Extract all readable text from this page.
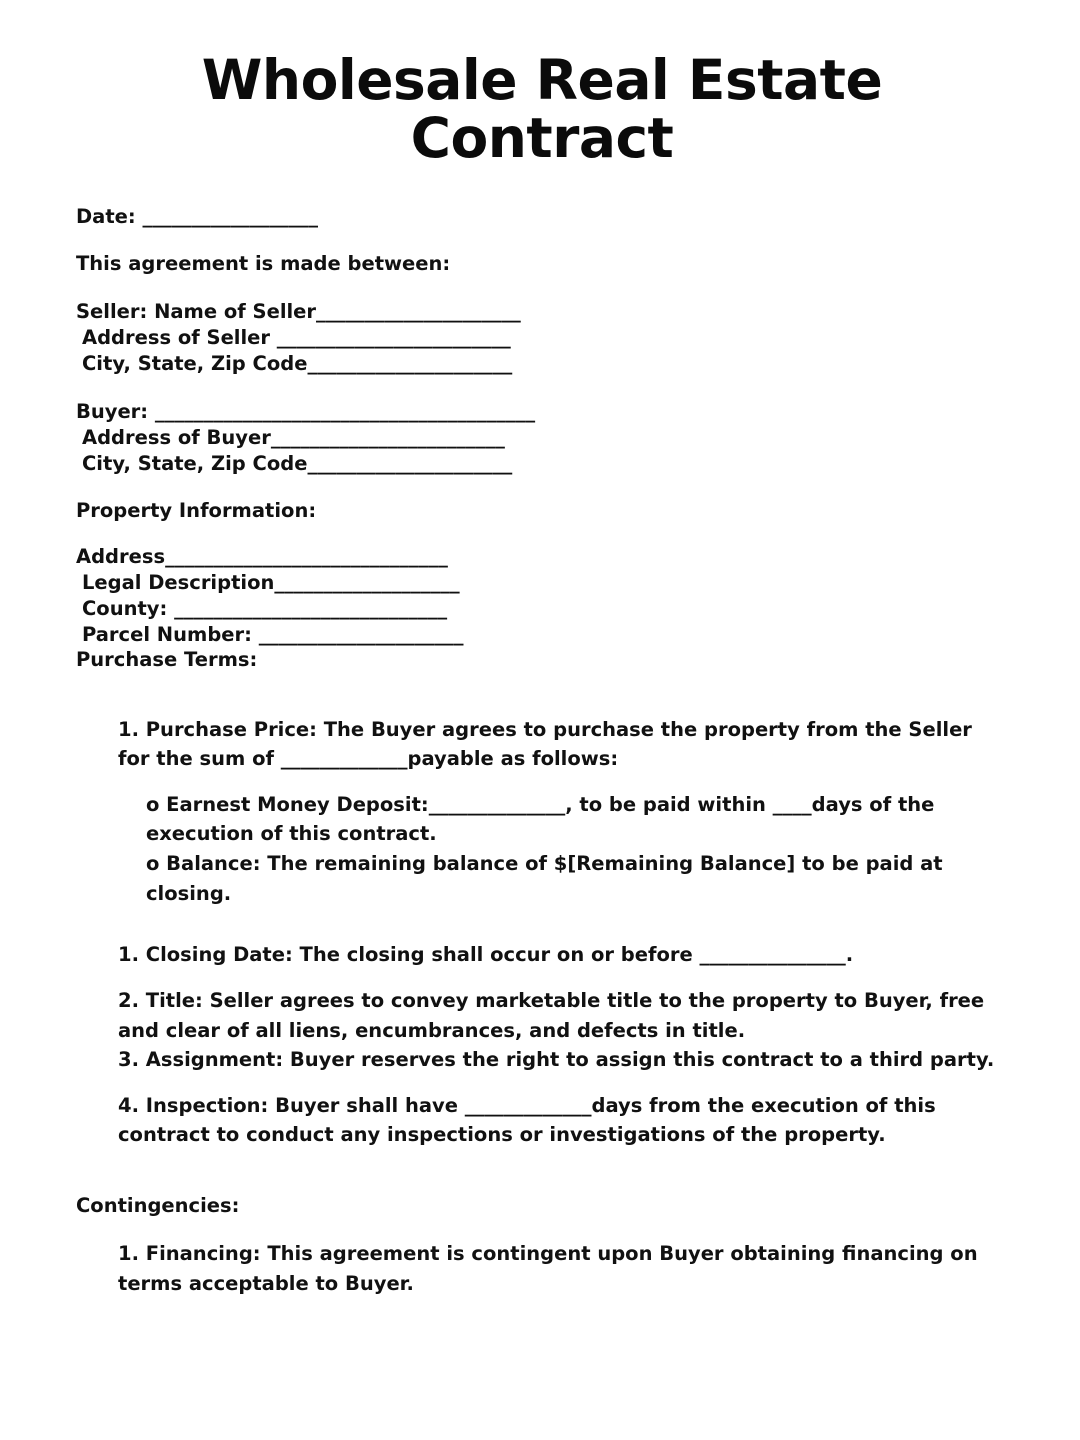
Wholesale Real Estate Contract

Date: __________________

This agreement is made between:

Seller: Name of Seller_____________________

Address of Seller ________________________

City, State, Zip Code_____________________

Buyer: _______________________________________

Address of Buyer________________________

City, State, Zip Code_____________________

Property Information:

Address_____________________________

Legal Description___________________

County: ____________________________

Parcel Number: _____________________

Purchase Terms:

1. Purchase Price: The Buyer agrees to purchase the property from the Seller for the sum of _____________payable as follows:

o Earnest Money Deposit:______________, to be paid within ____days of the execution of this contract.

o Balance: The remaining balance of $[Remaining Balance] to be paid at closing.

1. Closing Date: The closing shall occur on or before _______________.

2. Title: Seller agrees to convey marketable title to the property to Buyer, free and clear of all liens, encumbrances, and defects in title.

3. Assignment: Buyer reserves the right to assign this contract to a third party.

4. Inspection: Buyer shall have _____________days from the execution of this contract to conduct any inspections or investigations of the property.

Contingencies:

1. Financing: This agreement is contingent upon Buyer obtaining financing on terms acceptable to Buyer.
